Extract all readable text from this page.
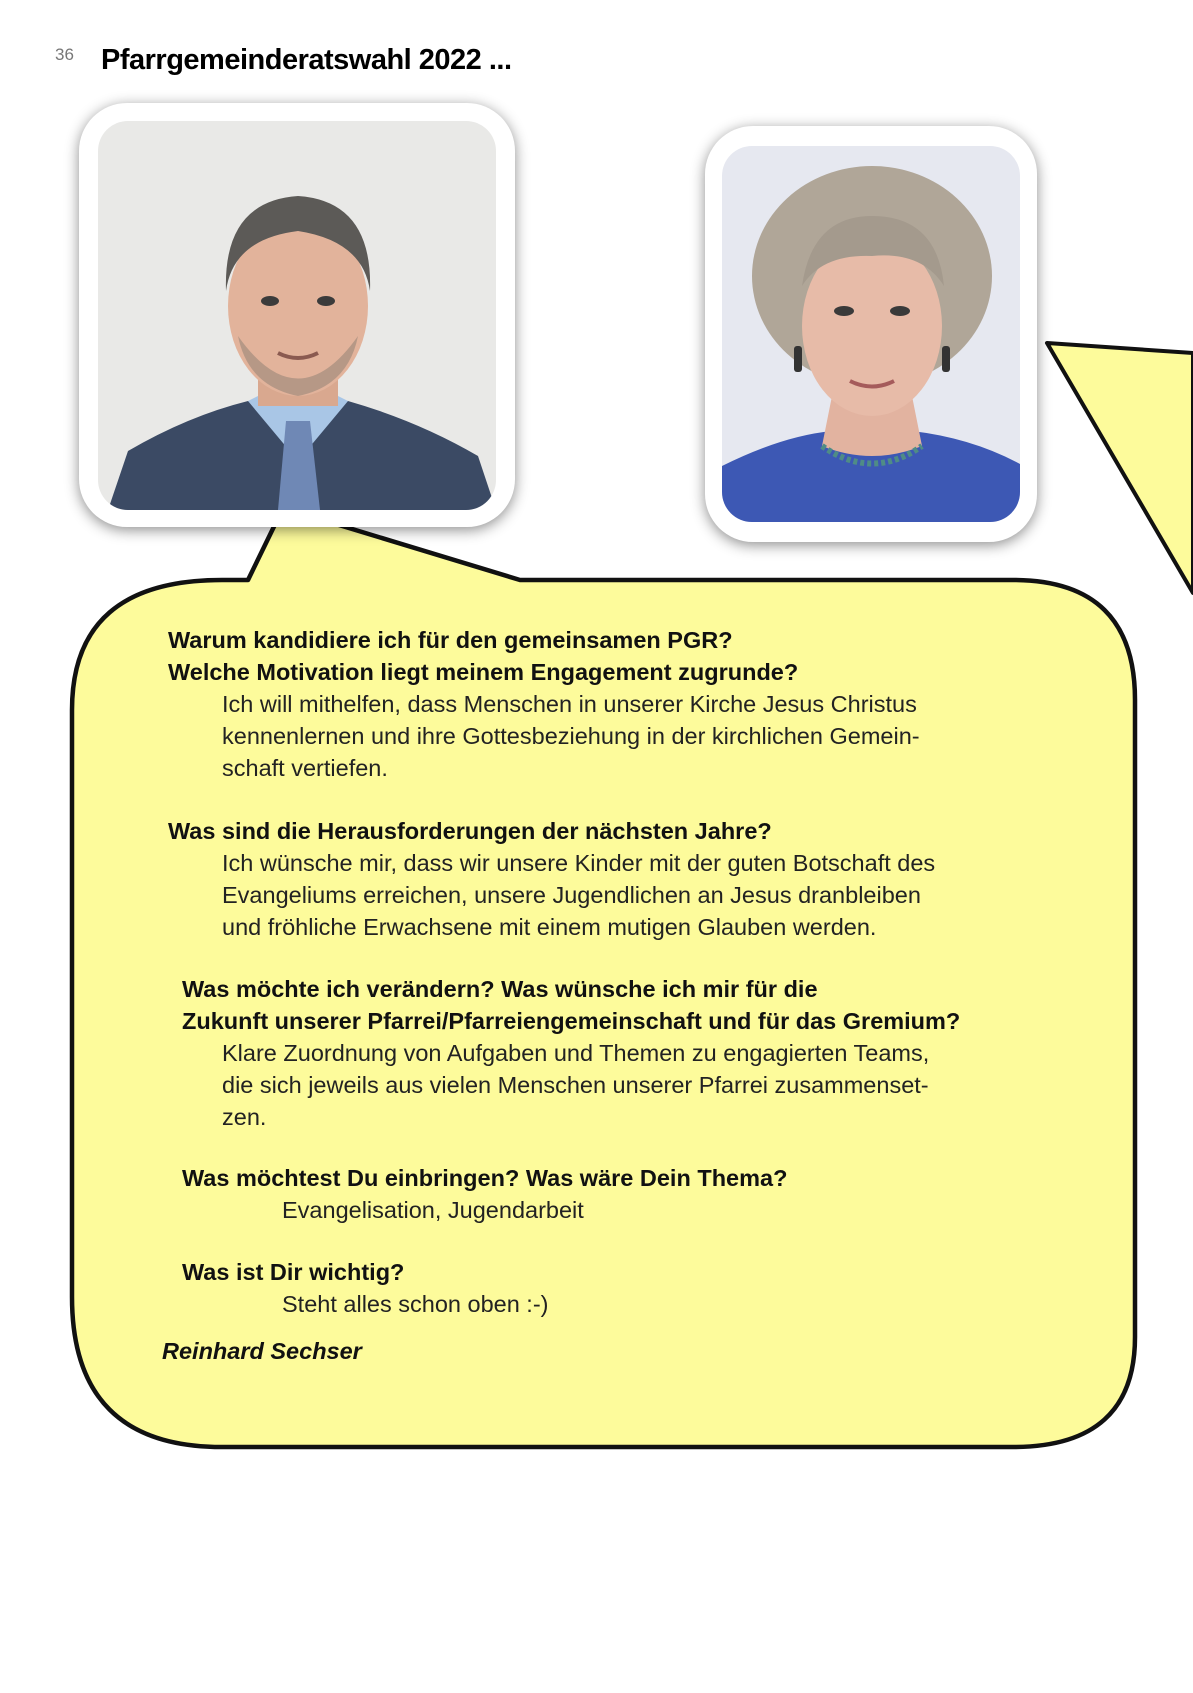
36 Pfarrgemeinderatswahl 2022 ...
Warum kandidiere ich für den gemeinsamen PGR?
Welche Motivation liegt meinem Engagement zugrunde?
Ich will mithelfen, dass Menschen in unserer Kirche Jesus Christus
kennenlernen und ihre Gottesbeziehung in der kirchlichen Gemein-
schaft vertiefen.
Was sind die Herausforderungen der nächsten Jahre?
Ich wünsche mir, dass wir unsere Kinder mit der guten Botschaft des
Evangeliums erreichen, unsere Jugendlichen an Jesus dranbleiben
und fröhliche Erwachsene mit einem mutigen Glauben werden.
Was möchte ich verändern? Was wünsche ich mir für die
Zukunft unserer Pfarrei/Pfarreiengemeinschaft und für das Gremium?
Klare Zuordnung von Aufgaben und Themen zu engagierten Teams,
die sich jeweils aus vielen Menschen unserer Pfarrei zusammenset-
zen.
Was möchtest Du einbringen? Was wäre Dein Thema?
Evangelisation, Jugendarbeit
Was ist Dir wichtig?
Steht alles schon oben :-)
Reinhard Sechser
